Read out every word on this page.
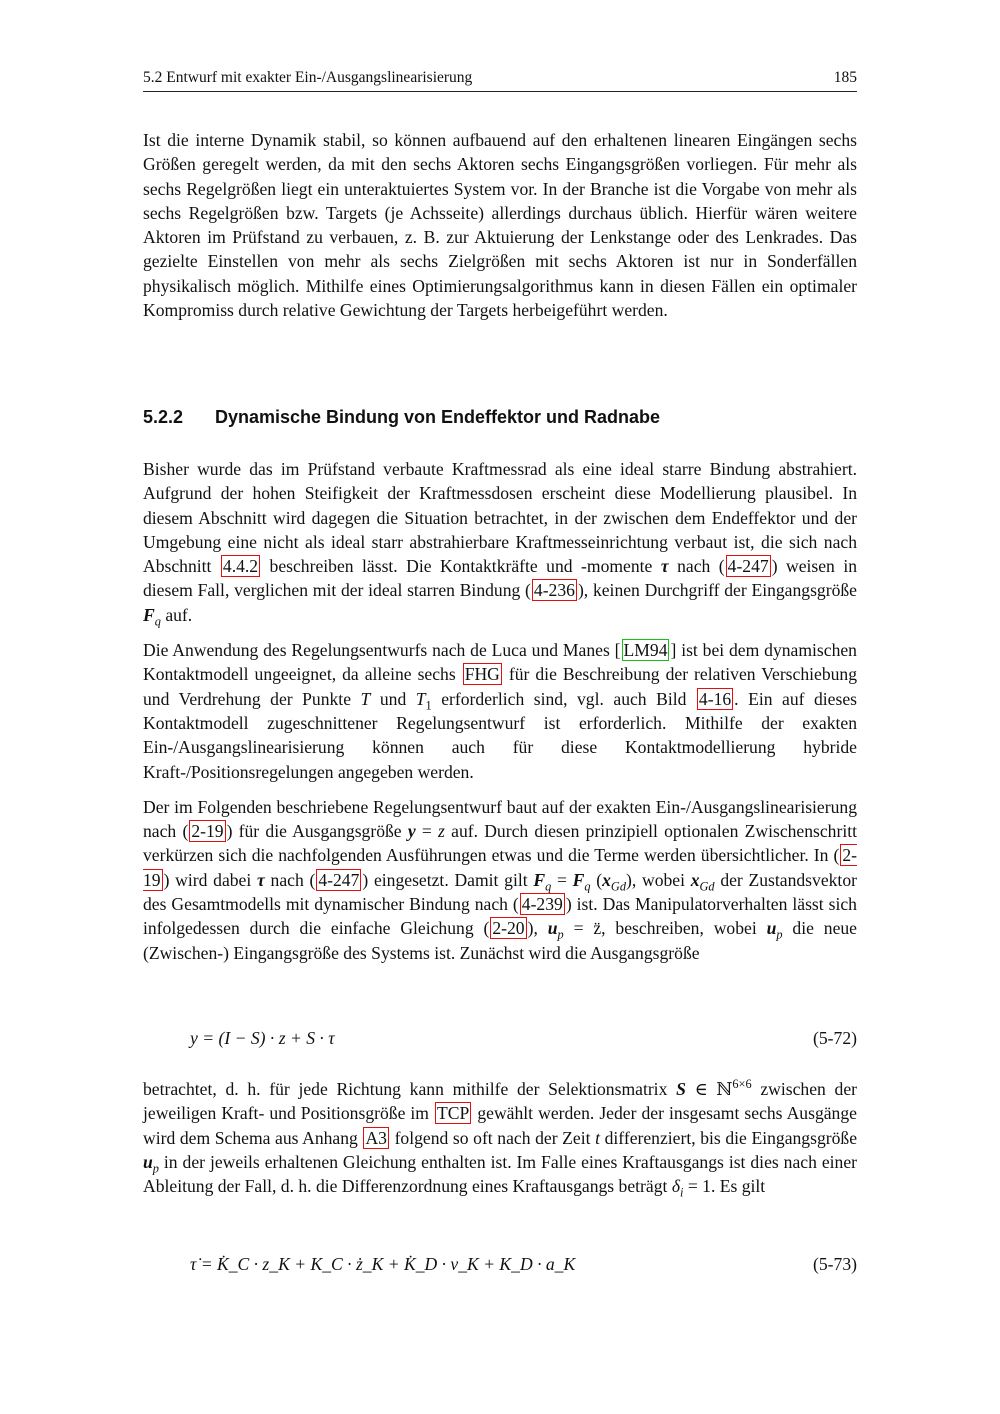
5.2 Entwurf mit exakter Ein-/Ausgangslinearisierung	185

Ist die interne Dynamik stabil, so können aufbauend auf den erhaltenen linearen Eingängen sechs Größen geregelt werden, da mit den sechs Aktoren sechs Eingangsgrößen vorliegen. Für mehr als sechs Regelgrößen liegt ein unteraktuiertes System vor. In der Branche ist die Vorgabe von mehr als sechs Regelgrößen bzw. Targets (je Achsseite) allerdings durchaus üblich. Hierfür wären weitere Aktoren im Prüfstand zu verbauen, z. B. zur Aktuierung der Lenkstange oder des Lenkrades. Das gezielte Einstellen von mehr als sechs Zielgrößen mit sechs Aktoren ist nur in Sonderfällen physikalisch möglich. Mithilfe eines Optimierungsalgorithmus kann in diesen Fällen ein optimaler Kompromiss durch relative Gewichtung der Targets herbeigeführt werden.

5.2.2 Dynamische Bindung von Endeffektor und Radnabe

Bisher wurde das im Prüfstand verbaute Kraftmessrad als eine ideal starre Bindung abstrahiert. Aufgrund der hohen Steifigkeit der Kraftmessdosen erscheint diese Modellierung plausibel. In diesem Abschnitt wird dagegen die Situation betrachtet, in der zwischen dem Endeffektor und der Umgebung eine nicht als ideal starr abstrahierbare Kraftmesseinrichtung verbaut ist, die sich nach Abschnitt 4.4.2 beschreiben lässt. Die Kontaktkräfte und -momente τ nach ( 4-247 ) weisen in diesem Fall, verglichen mit der ideal starren Bindung ( 4-236 ), keinen Durchgriff der Eingangsgröße $F_q$ auf.

Die Anwendung des Regelungsentwurfs nach de Luca und Manes [ LM94 ] ist bei dem dynamischen Kontaktmodell ungeeignet, da alleine sechs FHG für die Beschreibung der relativen Verschiebung und Verdrehung der Punkte T und $T_1$ erforderlich sind, vgl. auch Bild 4-16 . Ein auf dieses Kontaktmodell zugeschnittener Regelungsentwurf ist erforderlich. Mithilfe der exakten Ein-/Ausgangslinearisierung können auch für diese Kontaktmodellierung hybride Kraft-/Positionsregelungen angegeben werden.

Der im Folgenden beschriebene Regelungsentwurf baut auf der exakten Ein-/Ausgangslinearisierung nach ( 2-19 ) für die Ausgangsgröße y = z auf. Durch diesen prinzipiell optionalen Zwischenschritt verkürzen sich die nachfolgenden Ausführungen etwas und die Terme werden übersichtlicher. In ( 2-19 ) wird dabei τ nach ( 4-247 ) eingesetzt. Damit gilt $F_q = F_q$ $(x_{Gd})$, wobei $x_{Gd}$ der Zustandsvektor des Gesamtmodells mit dynamischer Bindung nach ( 4-239 ) ist. Das Manipulatorverhalten lässt sich infolgedessen durch die einfache Gleichung ( 2-20 ), $u_p$ = z̈, beschreiben, wobei $u_p$ die neue (Zwischen-) Eingangsgröße des Systems ist. Zunächst wird die Ausgangsgröße

y = (I − S) · z + S · τ	(5-72)

betrachtet, d. h. für jede Richtung kann mithilfe der Selektionsmatrix S ∈ ℕ$^{6\times 6}$ zwischen der jeweiligen Kraft- und Positionsgröße im TCP gewählt werden. Jeder der insgesamt sechs Ausgänge wird dem Schema aus Anhang A3 folgend so oft nach der Zeit t differenziert, bis die Eingangsgröße $u_p$ in der jeweils erhaltenen Gleichung enthalten ist. Im Falle eines Kraftausgangs ist dies nach einer Ableitung der Fall, d. h. die Differenzordnung eines Kraftausgangs beträgt $\delta_i = 1$. Es gilt

τ̇ = K̇_C · z_K + K_C · ż_K + K̇_D · v_K + K_D · a_K	(5-73)
